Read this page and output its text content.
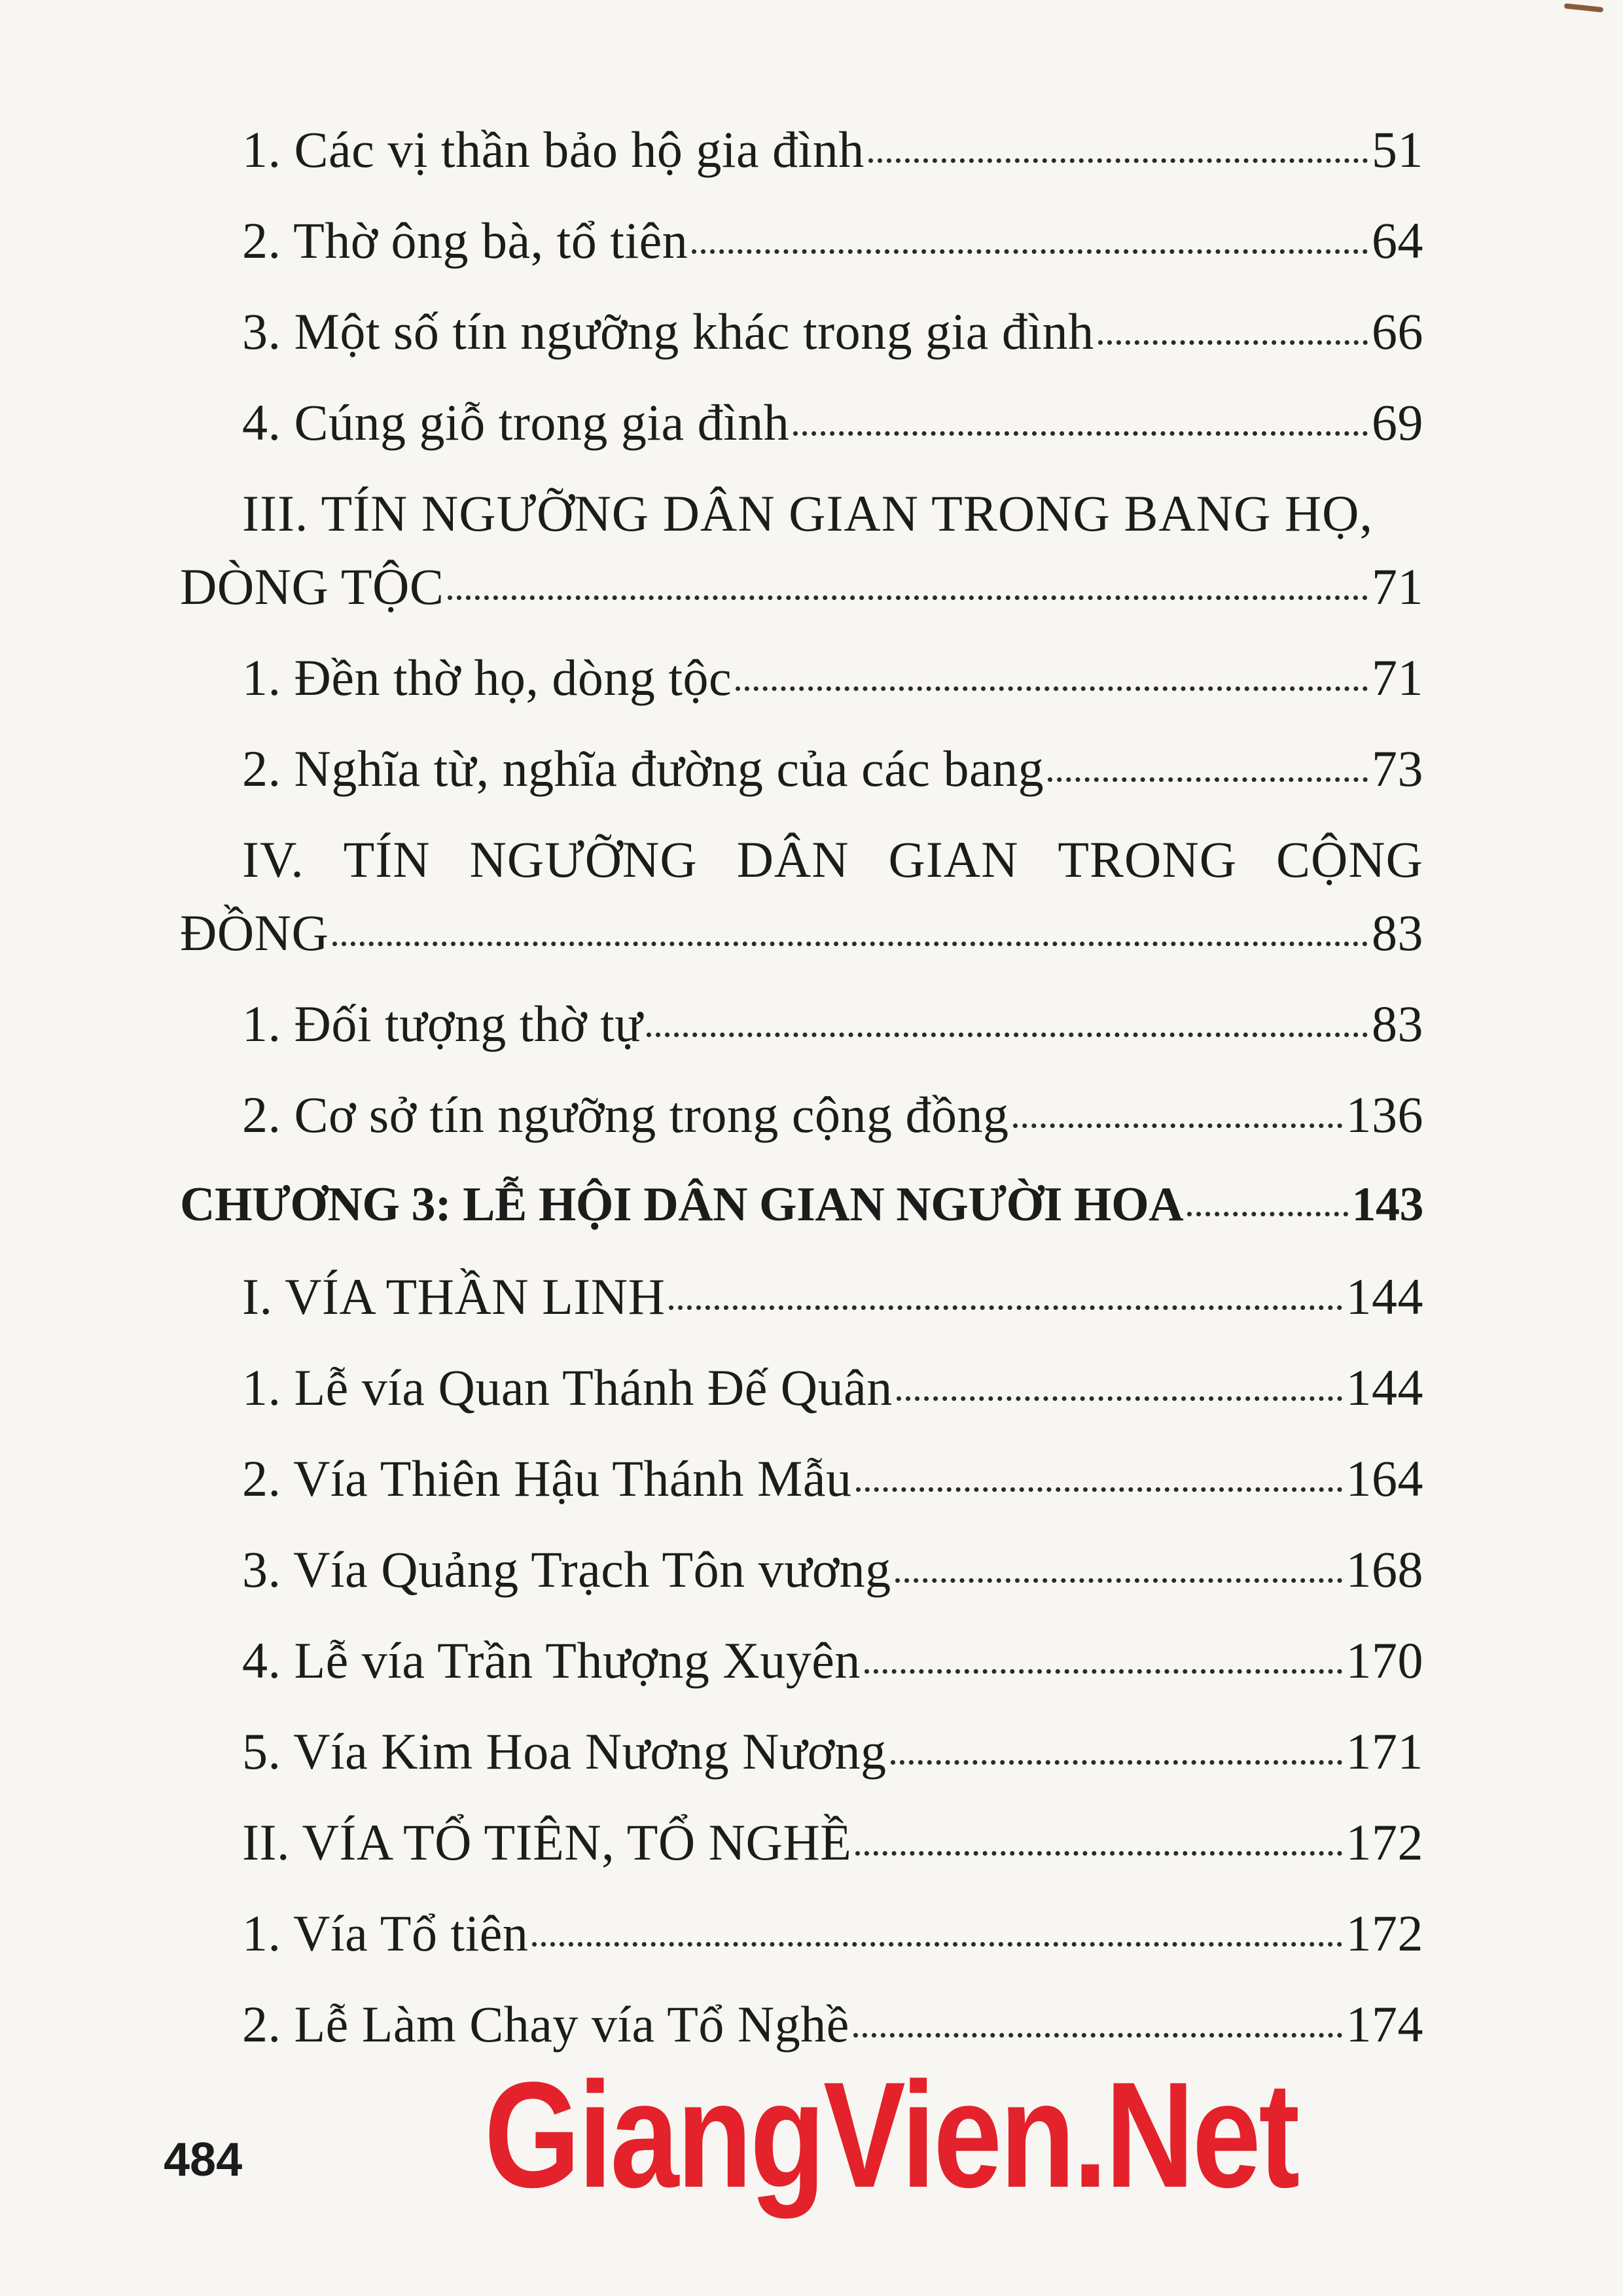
1. Các vị thần bảo hộ gia đình	51
2. Thờ ông bà, tổ tiên	64
3. Một số tín ngưỡng khác trong gia đình	66
4. Cúng giỗ trong gia đình	69
III. TÍN NGƯỠNG DÂN GIAN TRONG BANG HỌ,
DÒNG TỘC	71
1. Đền thờ họ, dòng tộc	71
2. Nghĩa từ, nghĩa đường của các bang	73
IV. TÍN NGƯỠNG DÂN GIAN TRONG CỘNG
ĐỒNG	83
1. Đối tượng thờ tự	83
2. Cơ sở tín ngưỡng trong cộng đồng	136
CHƯƠNG 3: LỄ HỘI DÂN GIAN NGƯỜI HOA	143
I. VÍA THẦN LINH	144
1. Lễ vía Quan Thánh Đế Quân	144
2. Vía Thiên Hậu Thánh Mẫu	164
3. Vía Quảng Trạch Tôn vương	168
4. Lễ vía Trần Thượng Xuyên	170
5. Vía Kim Hoa Nương Nương	171
II. VÍA TỔ TIÊN, TỔ NGHỀ	172
1. Vía Tổ tiên	172
2. Lễ Làm Chay vía Tổ Nghề	174
GiangVien.Net
484
